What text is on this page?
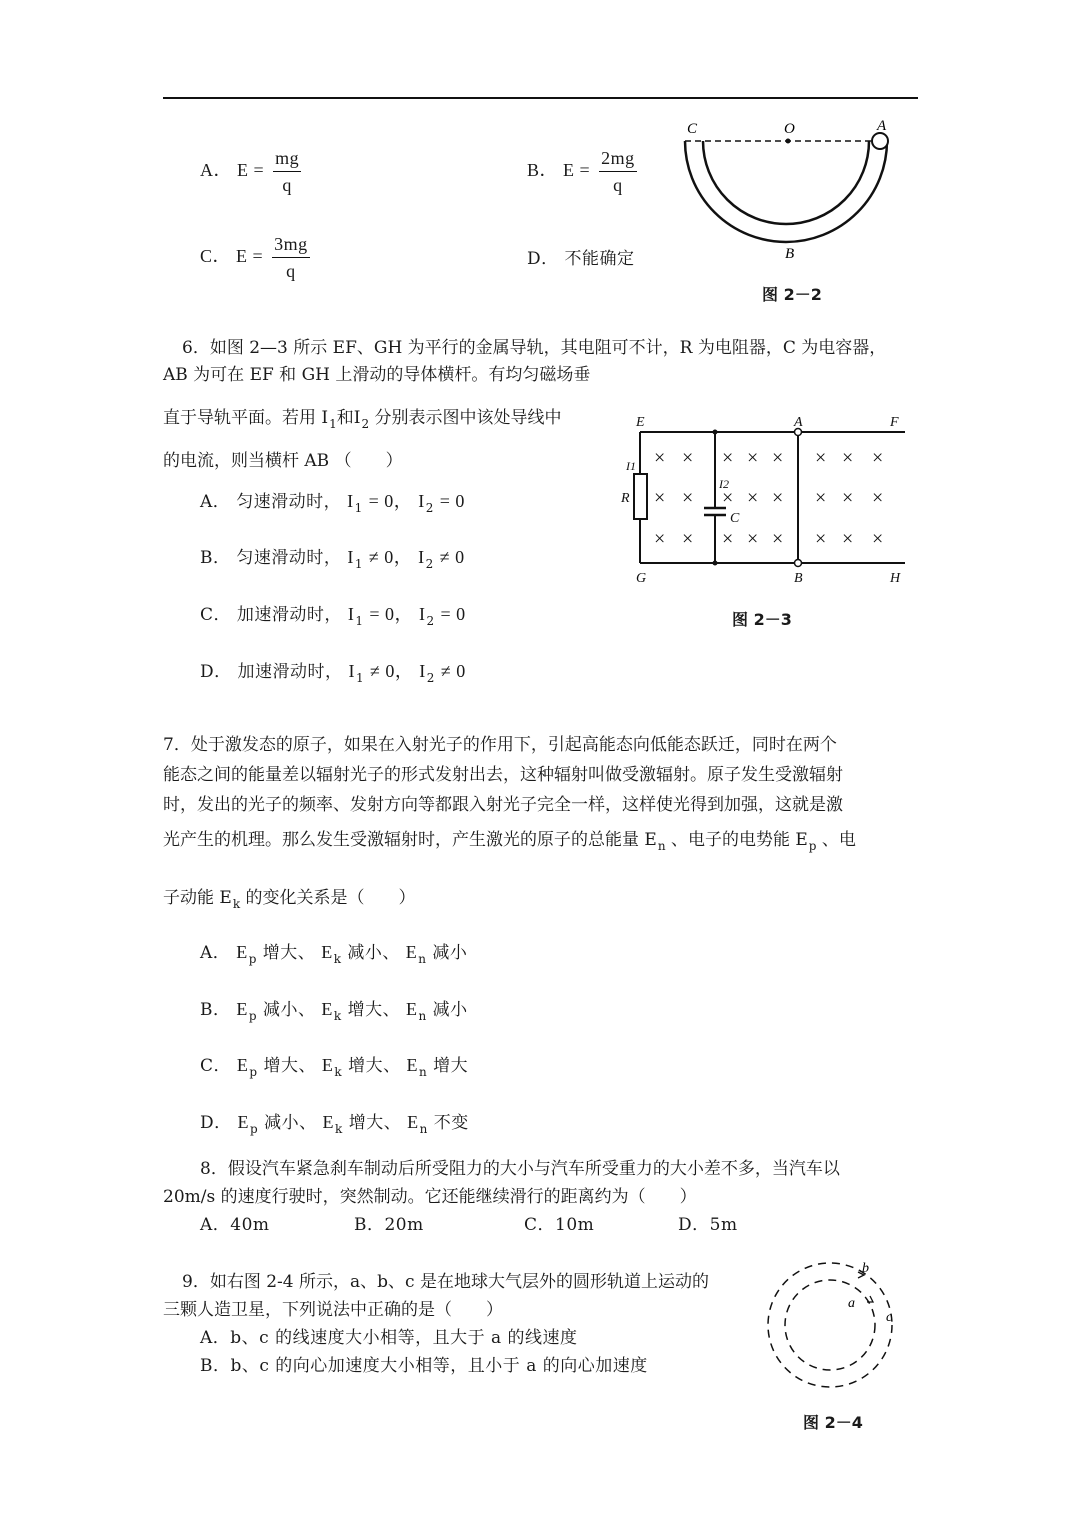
A． $E = \frac{mg}{q}$	B． $E = \frac{2mg}{q}$
C． $E = \frac{3mg}{q}$	D． 不能确定
C	O	A
B
图 2－2
6．如图 2—3 所示 EF、GH 为平行的金属导轨，其电阻可不计，R 为电阻器，C 为电容器，
AB 为可在 EF 和 GH 上滑动的导体横杆。有均匀磁场垂
直于导轨平面。若用 $I_1$和$I_2$ 分别表示图中该处导线中
的电流，则当横杆 AB （　　）
A． 匀速滑动时， $I_1 = 0$， $I_2 = 0$
B． 匀速滑动时， $I_1 \ne 0$， $I_2 \ne 0$
C． 加速滑动时， $I_1 = 0$， $I_2 = 0$
D． 加速滑动时， $I_1 \ne 0$， $I_2 \ne 0$
× × × × × × × ×
× × × × × × × ×
× × × × × × × ×
E	F
G	H
A
B
R
C
I1
I2
图 2－3
7．处于激发态的原子，如果在入射光子的作用下，引起高能态向低能态跃迁，同时在两个
能态之间的能量差以辐射光子的形式发射出去，这种辐射叫做受激辐射。原子发生受激辐射
时，发出的光子的频率、发射方向等都跟入射光子完全一样，这样使光得到加强，这就是激
光产生的机理。那么发生受激辐射时，产生激光的原子的总能量 $E_n$ 、电子的电势能 $E_p$ 、电
子动能 $E_k$ 的变化关系是（　　）
A． $E_p$ 增大、 $E_k$ 减小、 $E_n$ 减小
B． $E_p$ 减小、 $E_k$ 增大、 $E_n$ 减小
C． $E_p$ 增大、 $E_k$ 增大、 $E_n$ 增大
D． $E_p$ 减小、 $E_k$ 增大、 $E_n$ 不变
8．假设汽车紧急刹车制动后所受阻力的大小与汽车所受重力的大小差不多，当汽车以
20m/s 的速度行驶时，突然制动。它还能继续滑行的距离约为（　　）
A．40m	B．20m	C．10m	D．5m
9．如右图 2-4 所示，a、b、c 是在地球大气层外的圆形轨道上运动的
三颗人造卫星，下列说法中正确的是（　　）
A．b、c 的线速度大小相等，且大于 a 的线速度
B．b、c 的向心加速度大小相等，且小于 a 的向心加速度
b
a
c
图 2－4
